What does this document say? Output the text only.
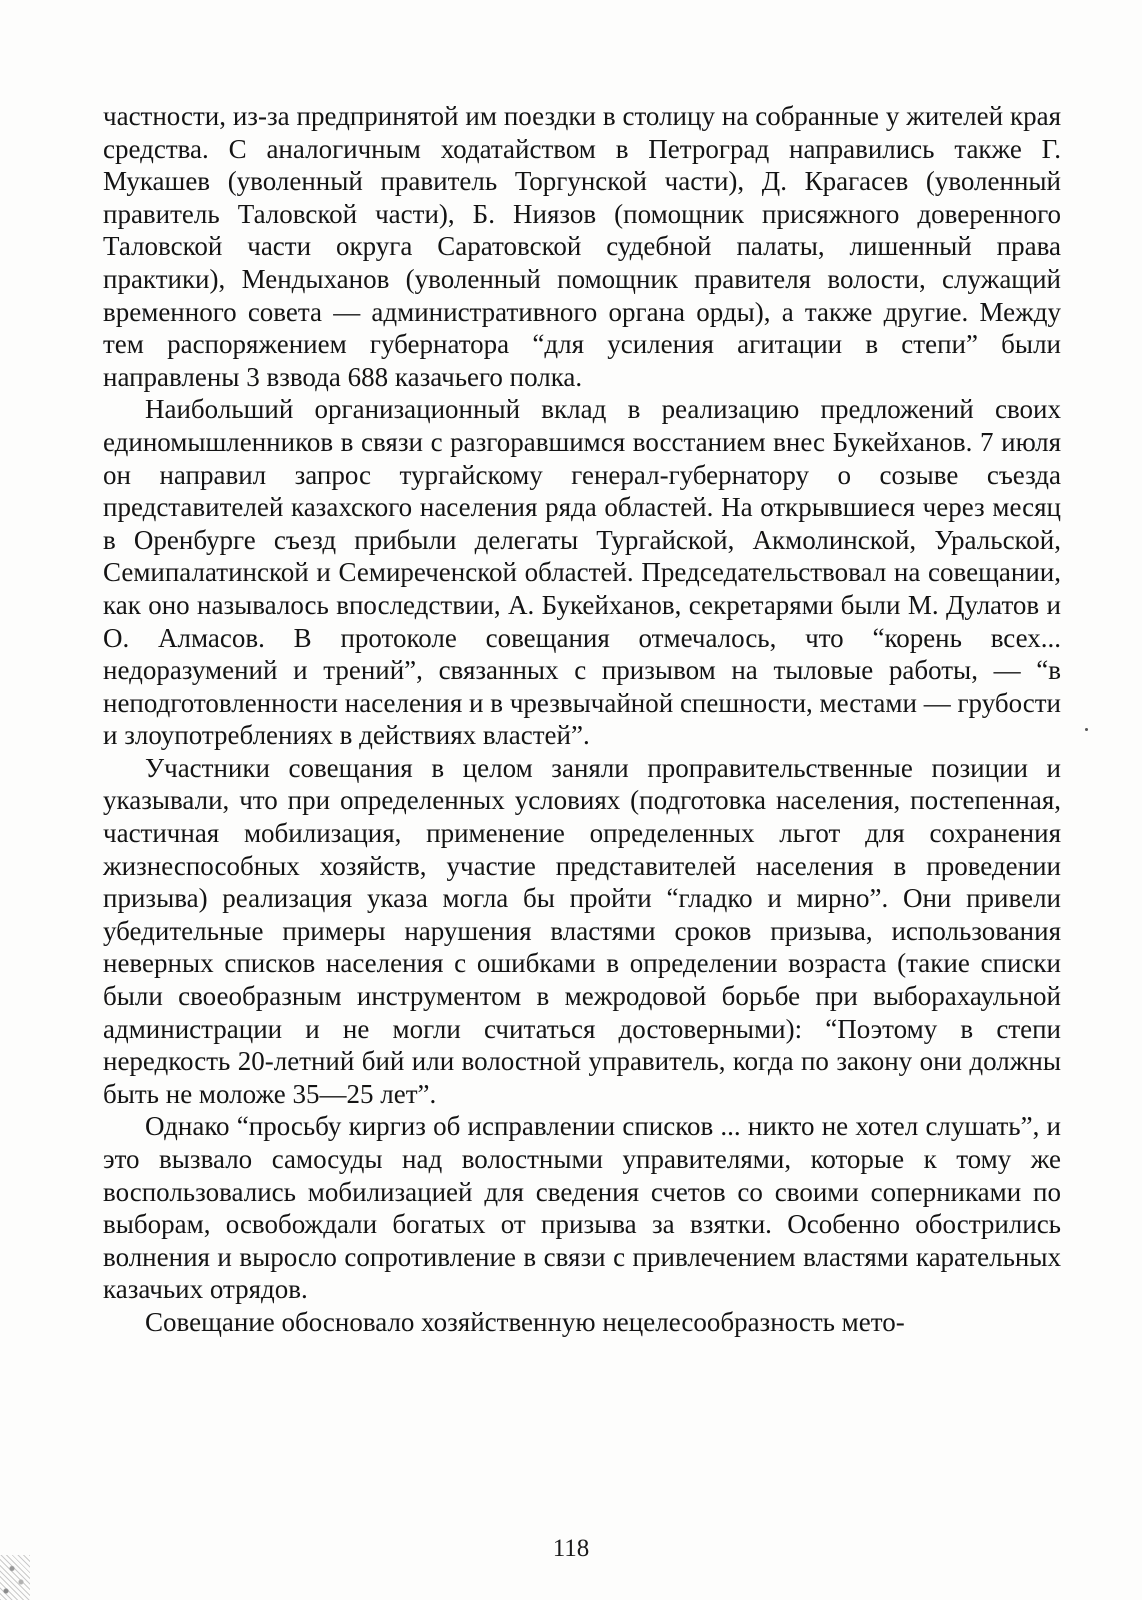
частности, из-за предпринятой им поездки в столицу на собранные у жителей края средства. С аналогичным ходатайством в Петроград направились также Г. Мукашев (уволенный правитель Торгунской части), Д. Крагасев (уволенный правитель Таловской части), Б. Ниязов (помощник присяжного доверенного Таловской части округа Саратовской судебной палаты, лишенный права практики), Мендыханов (уволенный помощник правителя волости, служащий временного совета — административного органа орды), а также другие. Между тем распоряжением губернатора “для усиления агитации в степи” были направлены 3 взвода 688 казачьего полка.

Наибольший организационный вклад в реализацию предложений своих единомышленников в связи с разгоравшимся восстанием внес Букейханов. 7 июля он направил запрос тургайскому генерал-губернатору о созыве съезда представителей казахского населения ряда областей. На открывшиеся через месяц в Оренбурге съезд прибыли делегаты Тургайской, Акмолинской, Уральской, Семипалатинской и Семиреченской областей. Председательствовал на совещании, как оно называлось впоследствии, А. Букейханов, секретарями были М. Дулатов и О. Алмасов. В протоколе совещания отмечалось, что “корень всех... недоразумений и трений”, связанных с призывом на тыловые работы, — “в неподготовленности населения и в чрезвычайной спешности, местами — грубости и злоупотреблениях в действиях властей”.

Участники совещания в целом заняли проправительственные позиции и указывали, что при определенных условиях (подготовка населения, постепенная, частичная мобилизация, применение определенных льгот для сохранения жизнеспособных хозяйств, участие представителей населения в проведении призыва) реализация указа могла бы пройти “гладко и мирно”. Они привели убедительные примеры нарушения властями сроков призыва, использования неверных списков населения с ошибками в определении возраста (такие списки были своеобразным инструментом в межродовой борьбе при выборахаульной администрации и не могли считаться достоверными): “Поэтому в степи нередкость 20-летний бий или волостной управитель, когда по закону они должны быть не моложе 35—25 лет”.

Однако “просьбу киргиз об исправлении списков ... никто не хотел слушать”, и это вызвало самосуды над волостными управителями, которые к тому же воспользовались мобилизацией для сведения счетов со своими соперниками по выборам, освобождали богатых от призыва за взятки. Особенно обострились волнения и выросло сопротивление в связи с привлечением властями карательных казачьих отрядов.

Совещание обосновало хозяйственную нецелесообразность мето-

118
